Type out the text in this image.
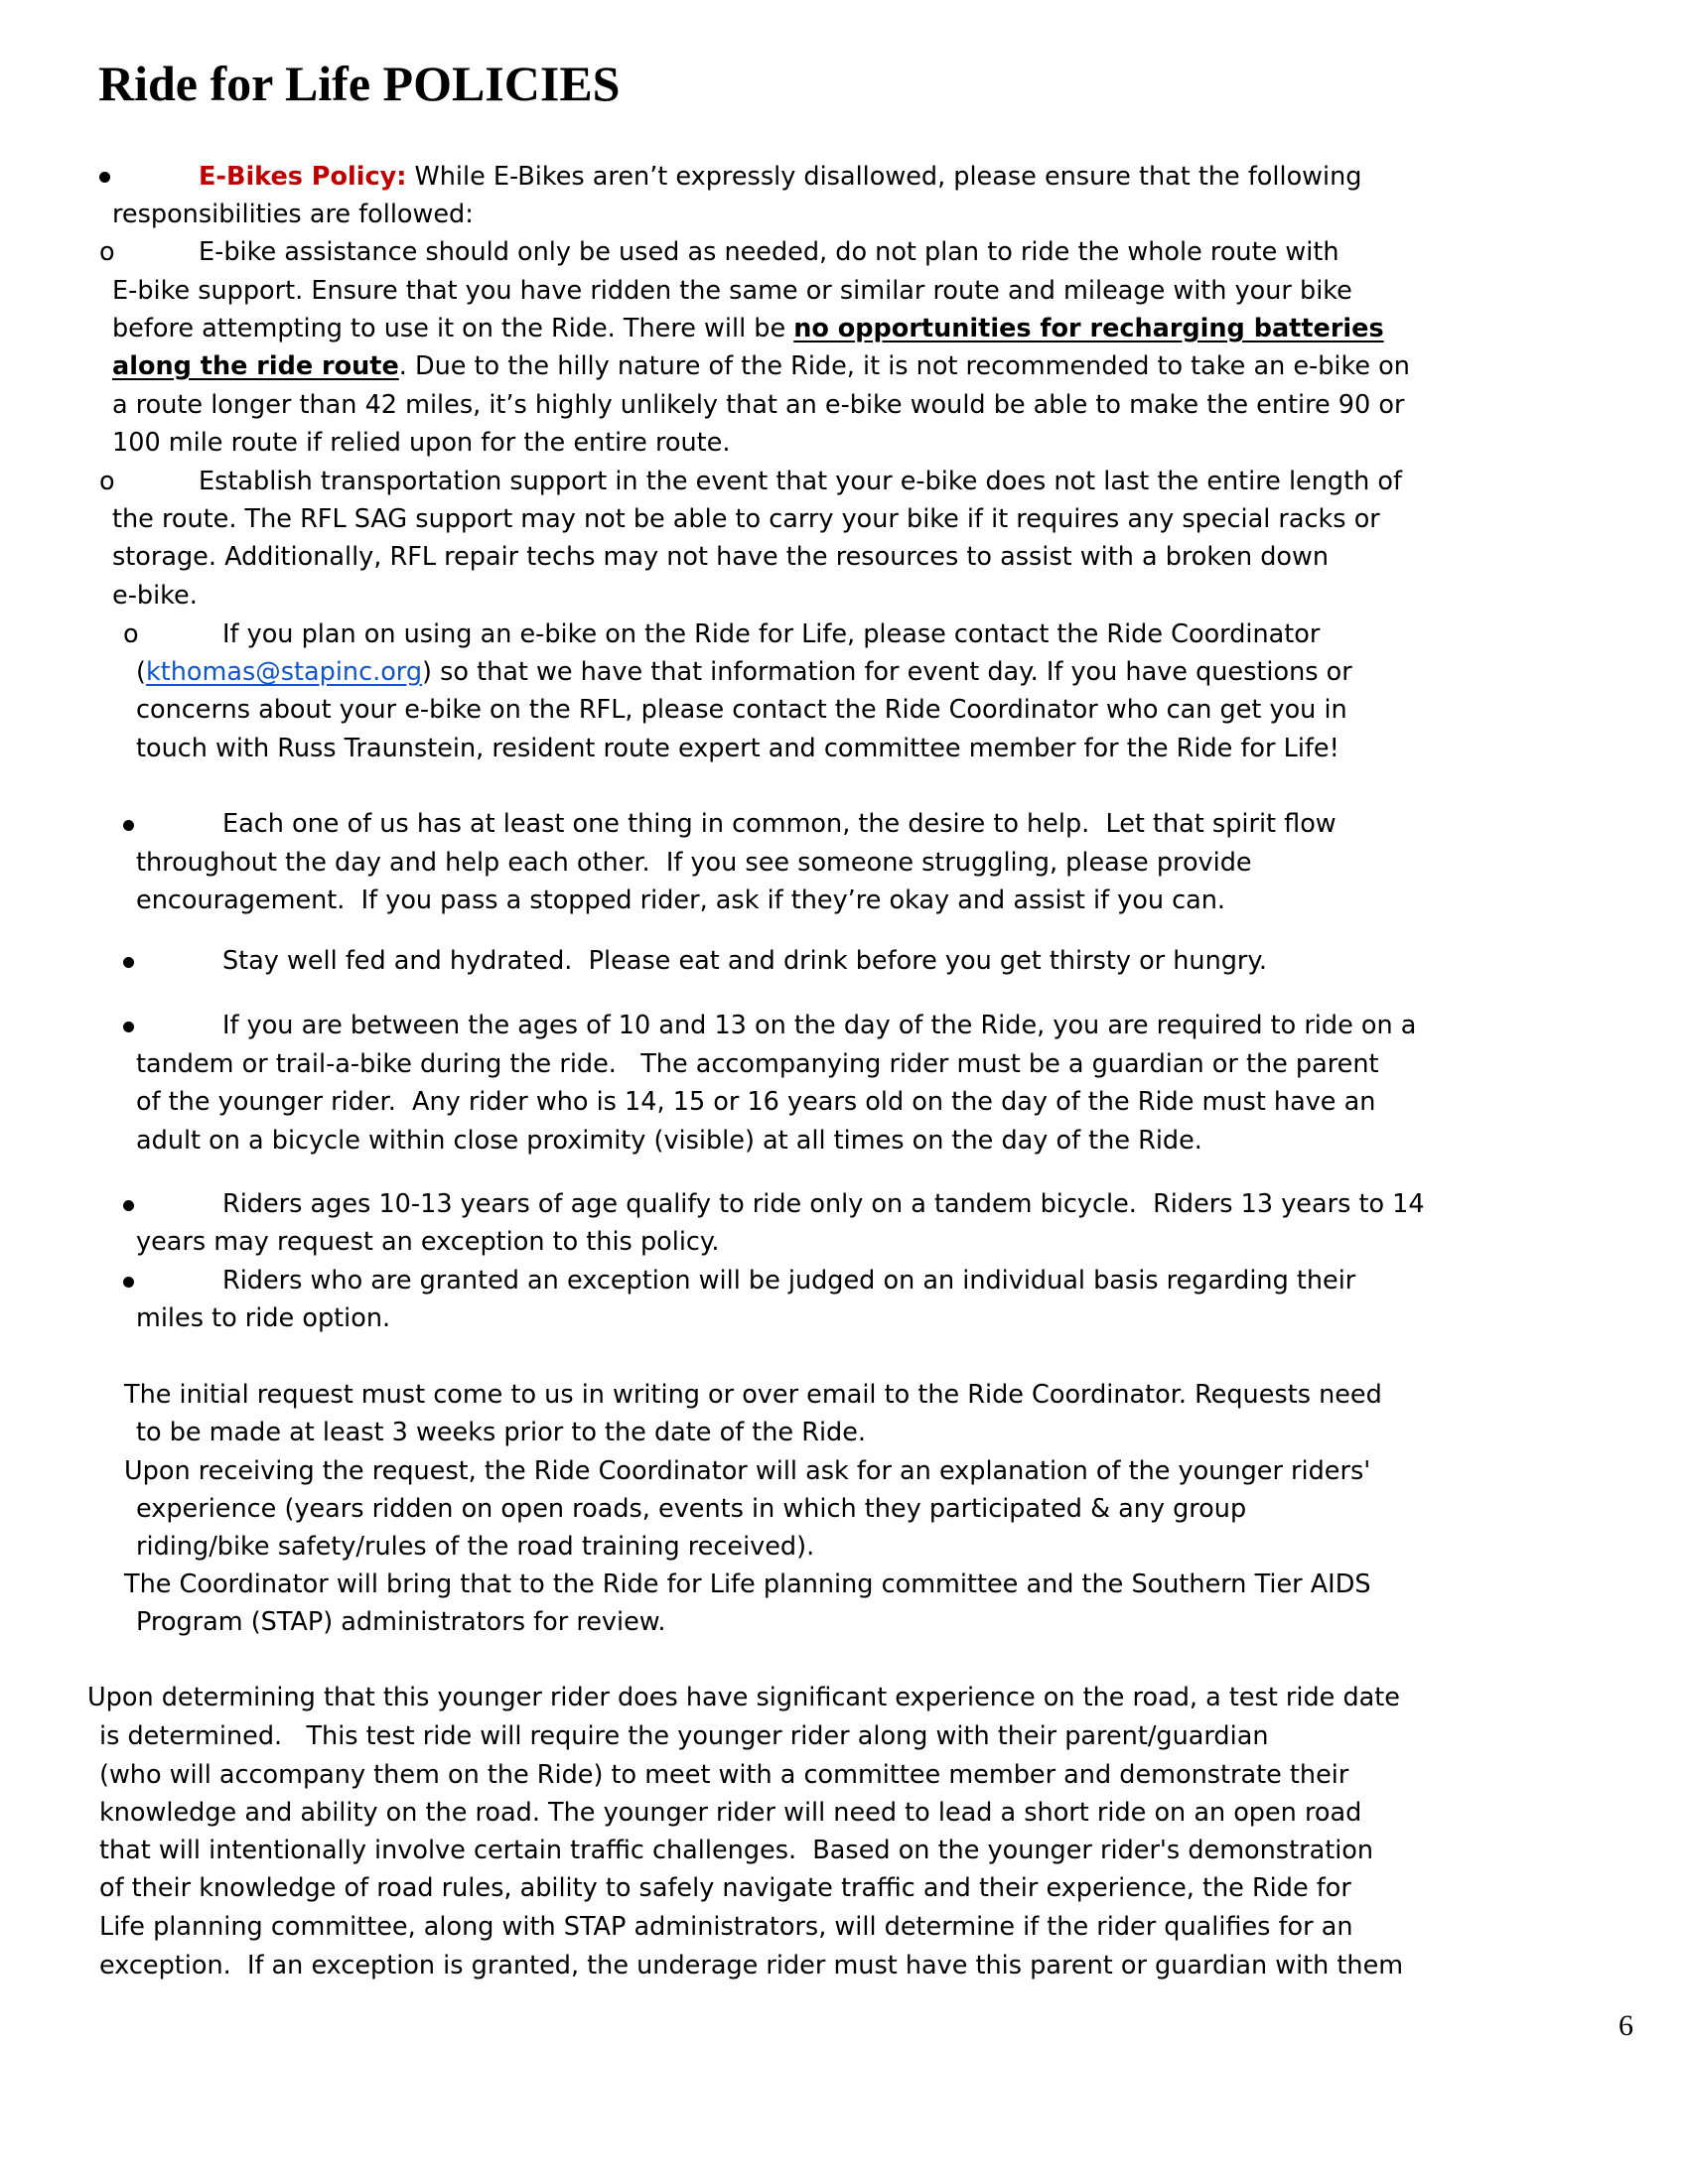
Ride for Life POLICIES
E-Bikes Policy: While E-Bikes aren’t expressly disallowed, please ensure that the following
responsibilities are followed:
o	E-bike assistance should only be used as needed, do not plan to ride the whole route with
E-bike support. Ensure that you have ridden the same or similar route and mileage with your bike
before attempting to use it on the Ride. There will be no opportunities for recharging batteries
along the ride route. Due to the hilly nature of the Ride, it is not recommended to take an e-bike on
a route longer than 42 miles, it’s highly unlikely that an e-bike would be able to make the entire 90 or
100 mile route if relied upon for the entire route.
o	Establish transportation support in the event that your e-bike does not last the entire length of
the route. The RFL SAG support may not be able to carry your bike if it requires any special racks or
storage. Additionally, RFL repair techs may not have the resources to assist with a broken down
e-bike.
o	If you plan on using an e-bike on the Ride for Life, please contact the Ride Coordinator
(kthomas@stapinc.org) so that we have that information for event day. If you have questions or
concerns about your e-bike on the RFL, please contact the Ride Coordinator who can get you in
touch with Russ Traunstein, resident route expert and committee member for the Ride for Life!
Each one of us has at least one thing in common, the desire to help.  Let that spirit flow
throughout the day and help each other.  If you see someone struggling, please provide
encouragement.  If you pass a stopped rider, ask if they’re okay and assist if you can.
Stay well fed and hydrated.  Please eat and drink before you get thirsty or hungry.
If you are between the ages of 10 and 13 on the day of the Ride, you are required to ride on a
tandem or trail-a-bike during the ride.   The accompanying rider must be a guardian or the parent
of the younger rider.  Any rider who is 14, 15 or 16 years old on the day of the Ride must have an
adult on a bicycle within close proximity (visible) at all times on the day of the Ride.
Riders ages 10-13 years of age qualify to ride only on a tandem bicycle.  Riders 13 years to 14
years may request an exception to this policy.
Riders who are granted an exception will be judged on an individual basis regarding their
miles to ride option.
The initial request must come to us in writing or over email to the Ride Coordinator. Requests need
to be made at least 3 weeks prior to the date of the Ride.
Upon receiving the request, the Ride Coordinator will ask for an explanation of the younger riders'
experience (years ridden on open roads, events in which they participated & any group
riding/bike safety/rules of the road training received).
The Coordinator will bring that to the Ride for Life planning committee and the Southern Tier AIDS
Program (STAP) administrators for review.
Upon determining that this younger rider does have significant experience on the road, a test ride date
is determined.   This test ride will require the younger rider along with their parent/guardian
(who will accompany them on the Ride) to meet with a committee member and demonstrate their
knowledge and ability on the road. The younger rider will need to lead a short ride on an open road
that will intentionally involve certain traffic challenges.  Based on the younger rider's demonstration
of their knowledge of road rules, ability to safely navigate traffic and their experience, the Ride for
Life planning committee, along with STAP administrators, will determine if the rider qualifies for an
exception.  If an exception is granted, the underage rider must have this parent or guardian with them
6
